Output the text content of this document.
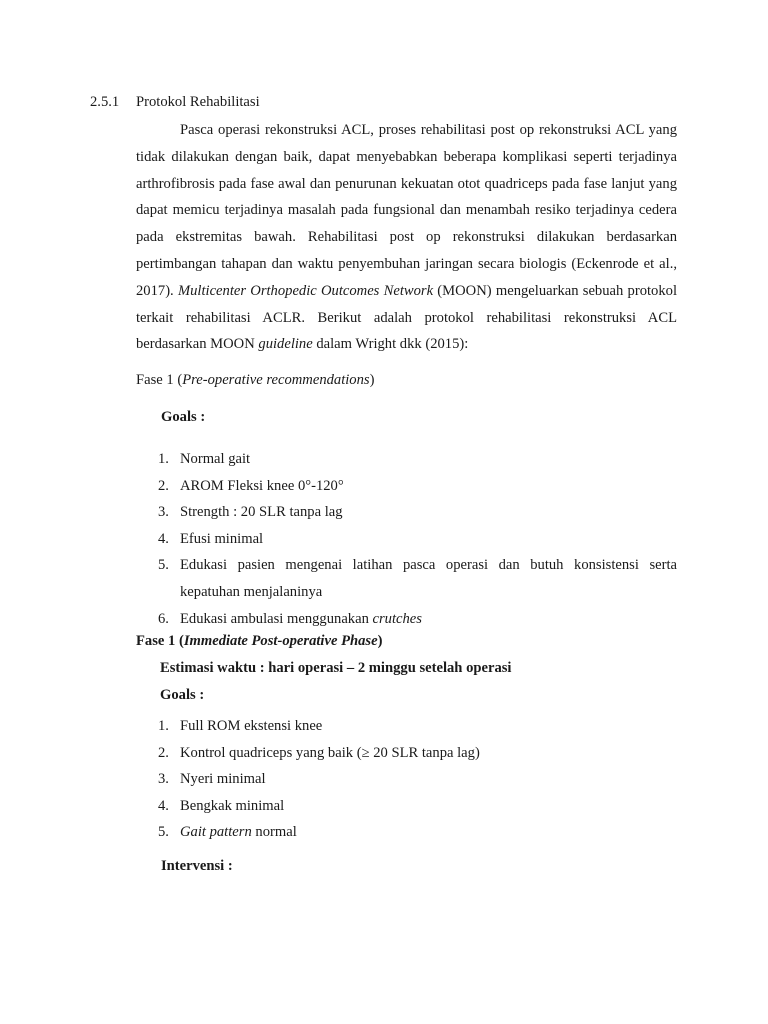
2.5.1 Protokol Rehabilitasi

Pasca operasi rekonstruksi ACL, proses rehabilitasi post op rekonstruksi ACL yang tidak dilakukan dengan baik, dapat menyebabkan beberapa komplikasi seperti terjadinya arthrofibrosis pada fase awal dan penurunan kekuatan otot quadriceps pada fase lanjut yang dapat memicu terjadinya masalah pada fungsional dan menambah resiko terjadinya cedera pada ekstremitas bawah. Rehabilitasi post op rekonstruksi dilakukan berdasarkan pertimbangan tahapan dan waktu penyembuhan jaringan secara biologis (Eckenrode et al., 2017). Multicenter Orthopedic Outcomes Network (MOON) mengeluarkan sebuah protokol terkait rehabilitasi ACLR. Berikut adalah protokol rehabilitasi rekonstruksi ACL berdasarkan MOON guideline dalam Wright dkk (2015):

Fase 1 (Pre-operative recommendations)
Goals :
1. Normal gait
2. AROM Fleksi knee 0°-120°
3. Strength : 20 SLR tanpa lag
4. Efusi minimal
5. Edukasi pasien mengenai latihan pasca operasi dan butuh konsistensi serta kepatuhan menjalaninya
6. Edukasi ambulasi menggunakan crutches
Fase 1 (Immediate Post-operative Phase)
Estimasi waktu : hari operasi – 2 minggu setelah operasi
Goals :
1. Full ROM ekstensi knee
2. Kontrol quadriceps yang baik (≥ 20 SLR tanpa lag)
3. Nyeri minimal
4. Bengkak minimal
5. Gait pattern normal
Intervensi :
